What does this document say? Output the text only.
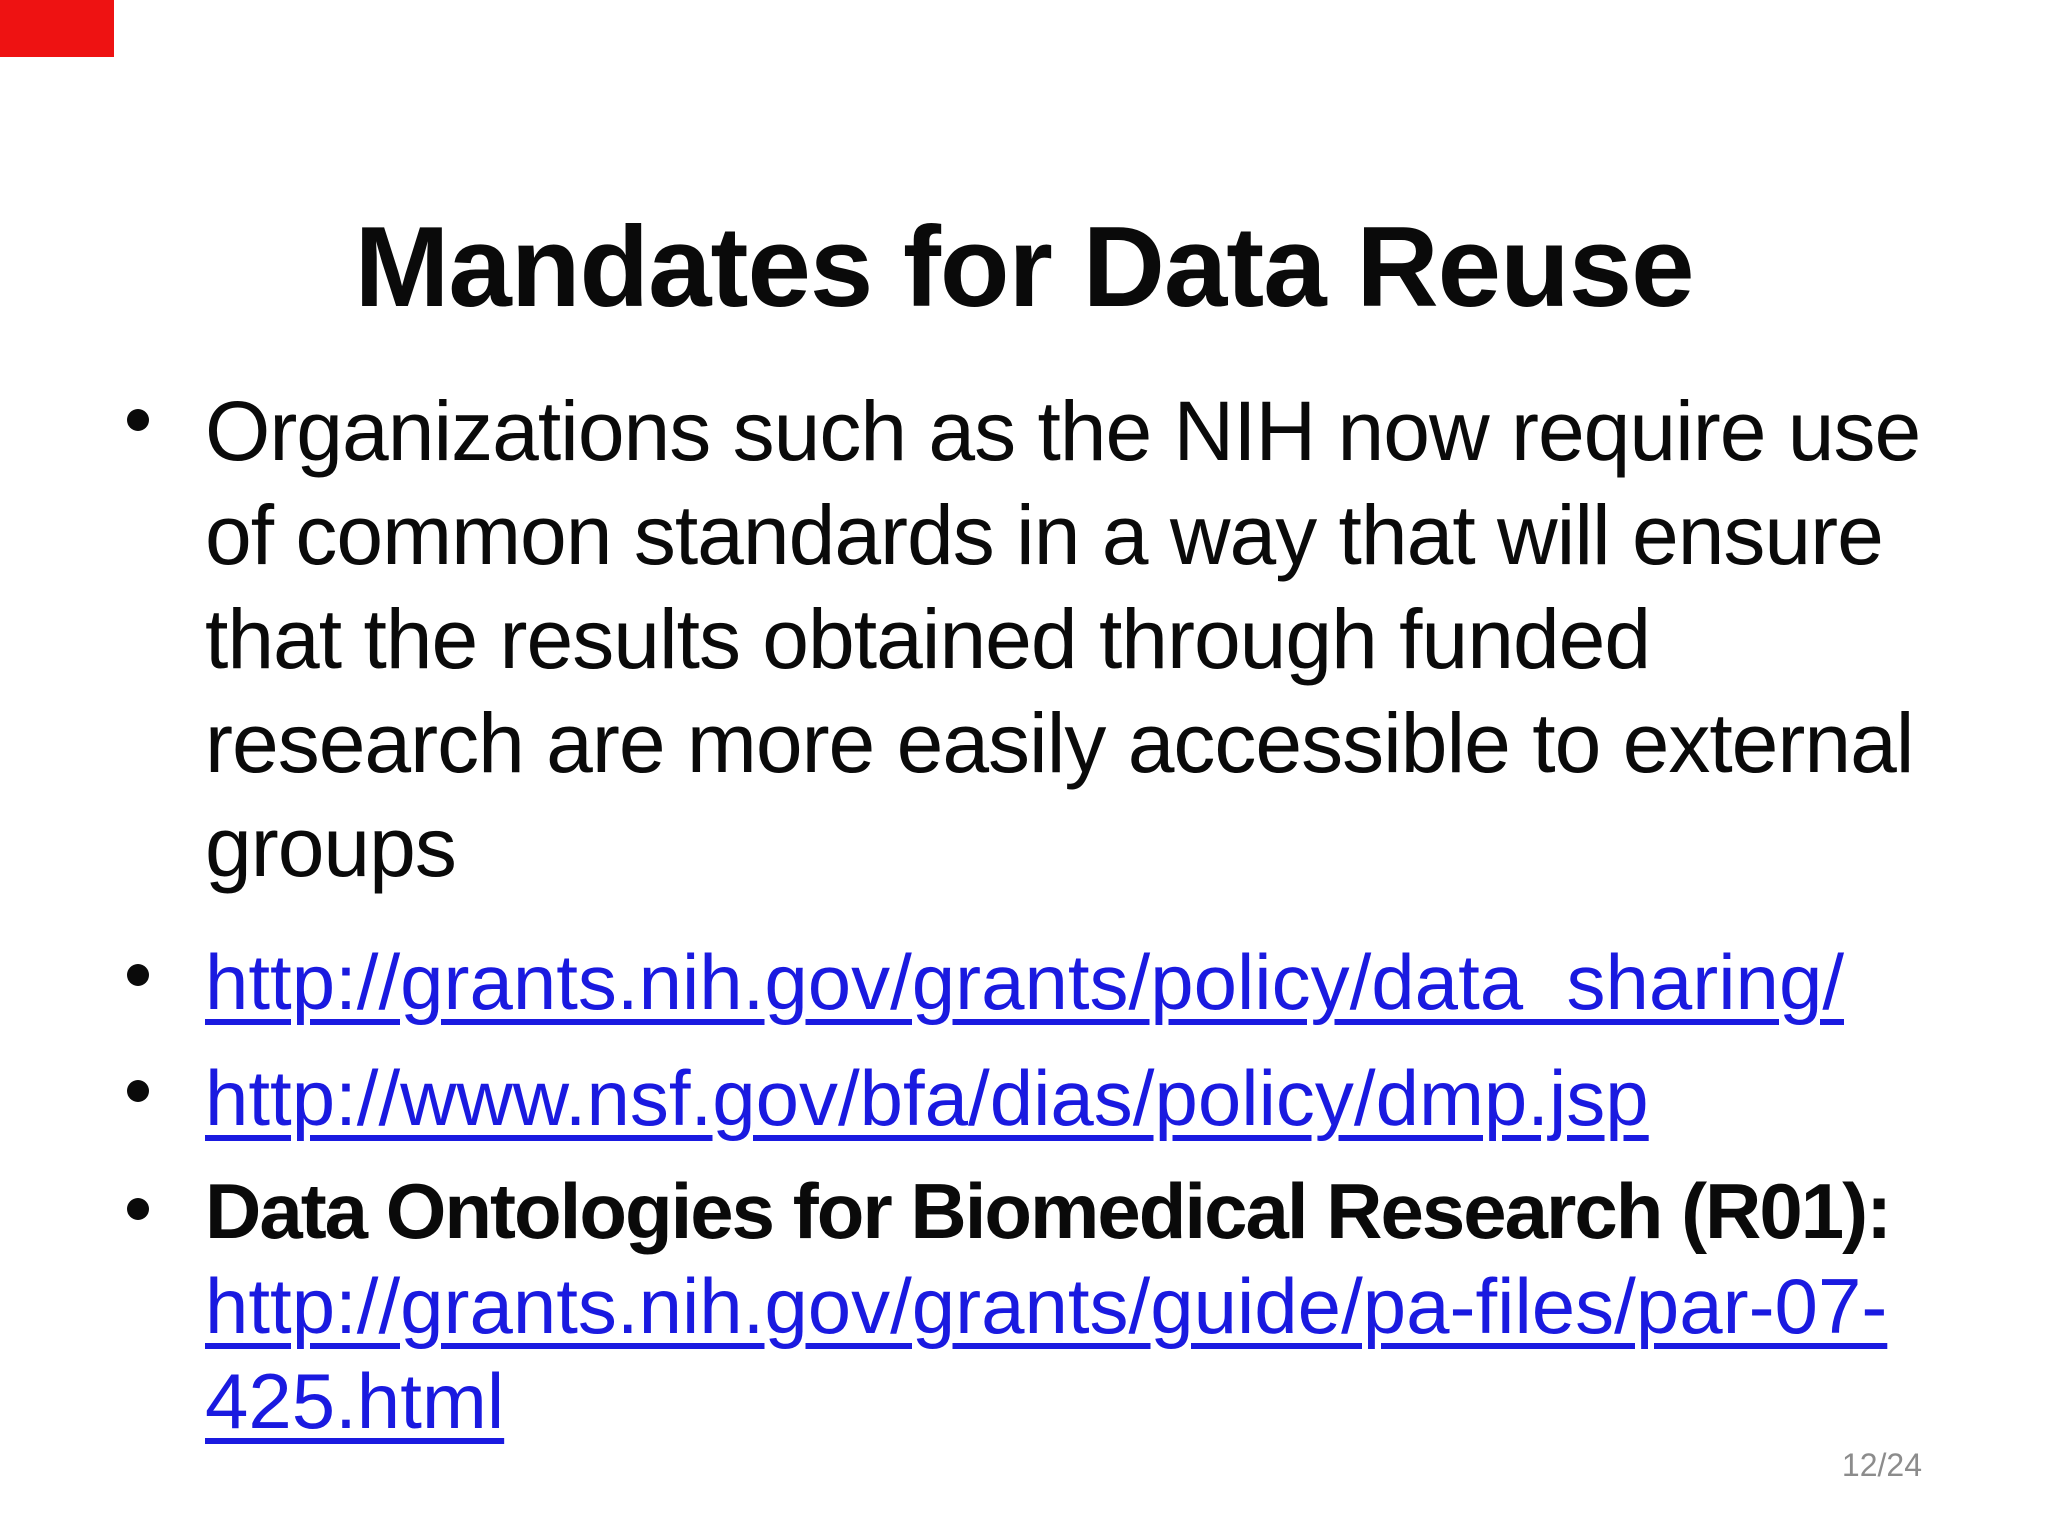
Mandates for Data Reuse
Organizations such as the NIH now require use
of common standards in a way that will ensure
that the results obtained through funded
research are more easily accessible to external
groups
http://grants.nih.gov/grants/policy/data_sharing/
http://www.nsf.gov/bfa/dias/policy/dmp.jsp
Data Ontologies for Biomedical Research (R01):
http://grants.nih.gov/grants/guide/pa-files/par-07-
425.html
12/24
